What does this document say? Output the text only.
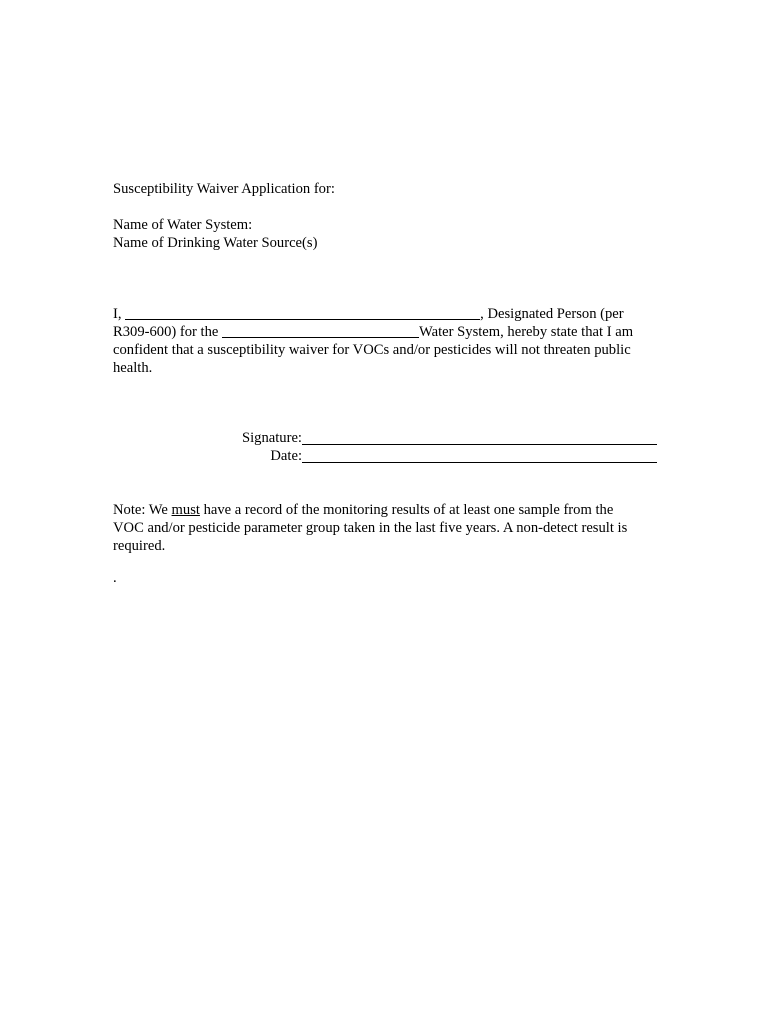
Susceptibility Waiver Application for:
Name of Water System:
Name of Drinking Water Source(s)
I,	, Designated Person (per
R309-600) for the	Water System, hereby state that I am
confident that a susceptibility waiver for VOCs and/or pesticides will not threaten public
health.
Signature:
Date:
Note: We must have a record of the monitoring results of at least one sample from the
VOC and/or pesticide parameter group taken in the last five years. A non-detect result is
required.
.
